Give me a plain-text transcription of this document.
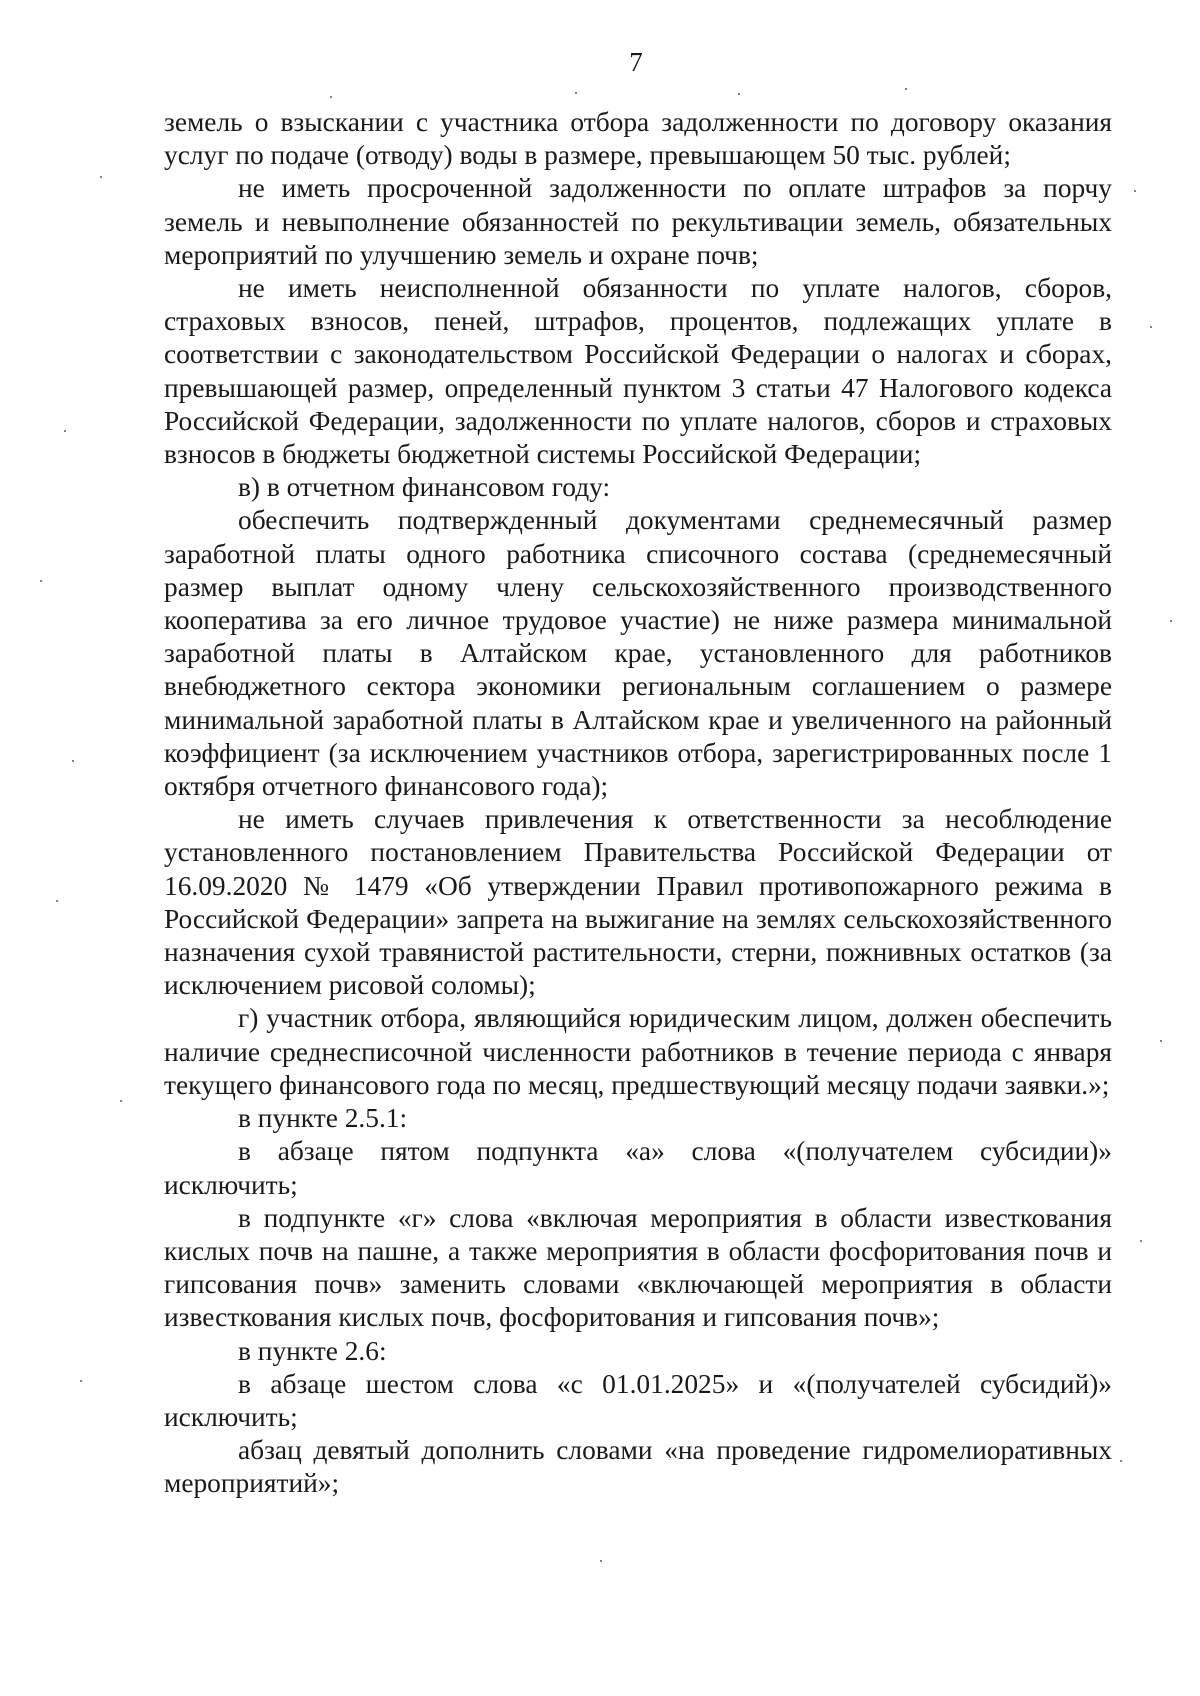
7

земель о взыскании с участника отбора задолженности по договору оказания услуг по подаче (отводу) воды в размере, превышающем 50 тыс. рублей;

не иметь просроченной задолженности по оплате штрафов за порчу земель и невыполнение обязанностей по рекультивации земель, обязательных мероприятий по улучшению земель и охране почв;

не иметь неисполненной обязанности по уплате налогов, сборов, страховых взносов, пеней, штрафов, процентов, подлежащих уплате в соответствии с законодательством Российской Федерации о налогах и сборах, превышающей размер, определенный пунктом 3 статьи 47 Налогового кодекса Российской Федерации, задолженности по уплате налогов, сборов и страховых взносов в бюджеты бюджетной системы Российской Федерации;

в) в отчетном финансовом году:

обеспечить подтвержденный документами среднемесячный размер заработной платы одного работника списочного состава (среднемесячный размер выплат одному члену сельскохозяйственного производственного кооператива за его личное трудовое участие) не ниже размера минимальной заработной платы в Алтайском крае, установленного для работников внебюджетного сектора экономики региональным соглашением о размере минимальной заработной платы в Алтайском крае и увеличенного на районный коэффициент (за исключением участников отбора, зарегистрированных после 1 октября отчетного финансового года);

не иметь случаев привлечения к ответственности за несоблюдение установленного постановлением Правительства Российской Федерации от 16.09.2020 № 1479 «Об утверждении Правил противопожарного режима в Российской Федерации» запрета на выжигание на землях сельскохозяйственного назначения сухой травянистой растительности, стерни, пожнивных остатков (за исключением рисовой соломы);

г) участник отбора, являющийся юридическим лицом, должен обеспечить наличие среднесписочной численности работников в течение периода с января текущего финансового года по месяц, предшествующий месяцу подачи заявки.»;

в пункте 2.5.1:

в абзаце пятом подпункта «а» слова «(получателем субсидии)» исключить;

в подпункте «г» слова «включая мероприятия в области известкования кислых почв на пашне, а также мероприятия в области фосфоритования почв и гипсования почв» заменить словами «включающей мероприятия в области известкования кислых почв, фосфоритования и гипсования почв»;

в пункте 2.6:

в абзаце шестом слова «с 01.01.2025» и «(получателей субсидий)» исключить;

абзац девятый дополнить словами «на проведение гидромелиоративных мероприятий»;
